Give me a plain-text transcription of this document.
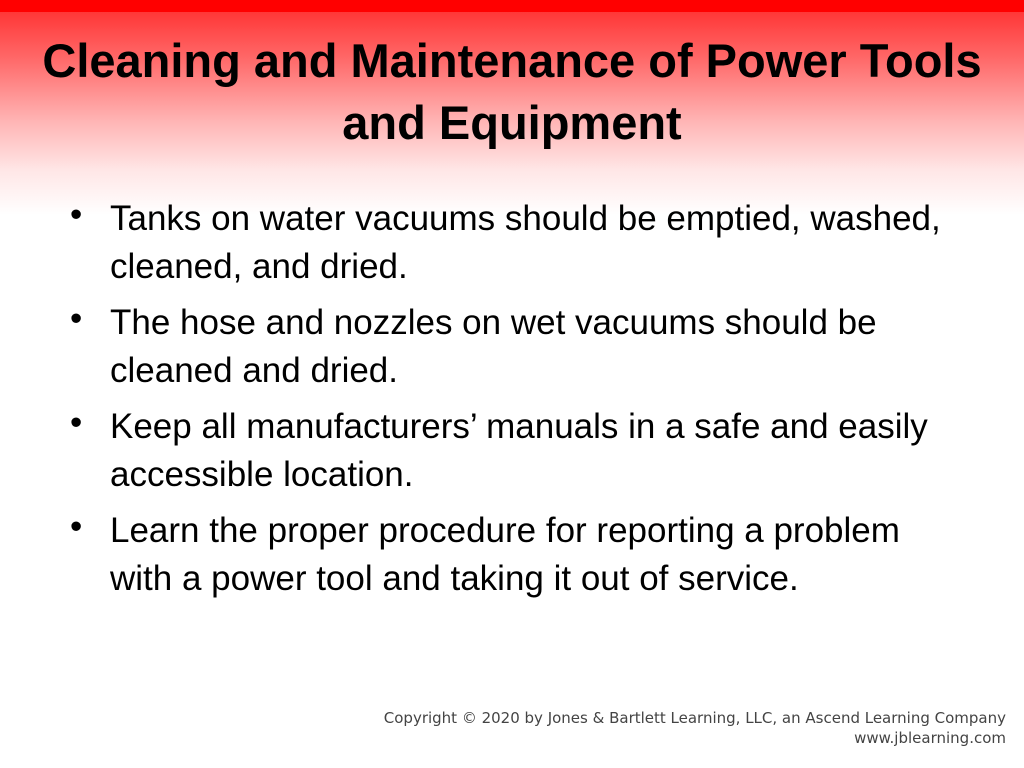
Cleaning and Maintenance of Power Tools and Equipment
• Tanks on water vacuums should be emptied, washed, cleaned, and dried.
• The hose and nozzles on wet vacuums should be cleaned and dried.
• Keep all manufacturers’ manuals in a safe and easily accessible location.
• Learn the proper procedure for reporting a problem with a power tool and taking it out of service.
Copyright © 2020 by Jones & Bartlett Learning, LLC, an Ascend Learning Company
www.jblearning.com
